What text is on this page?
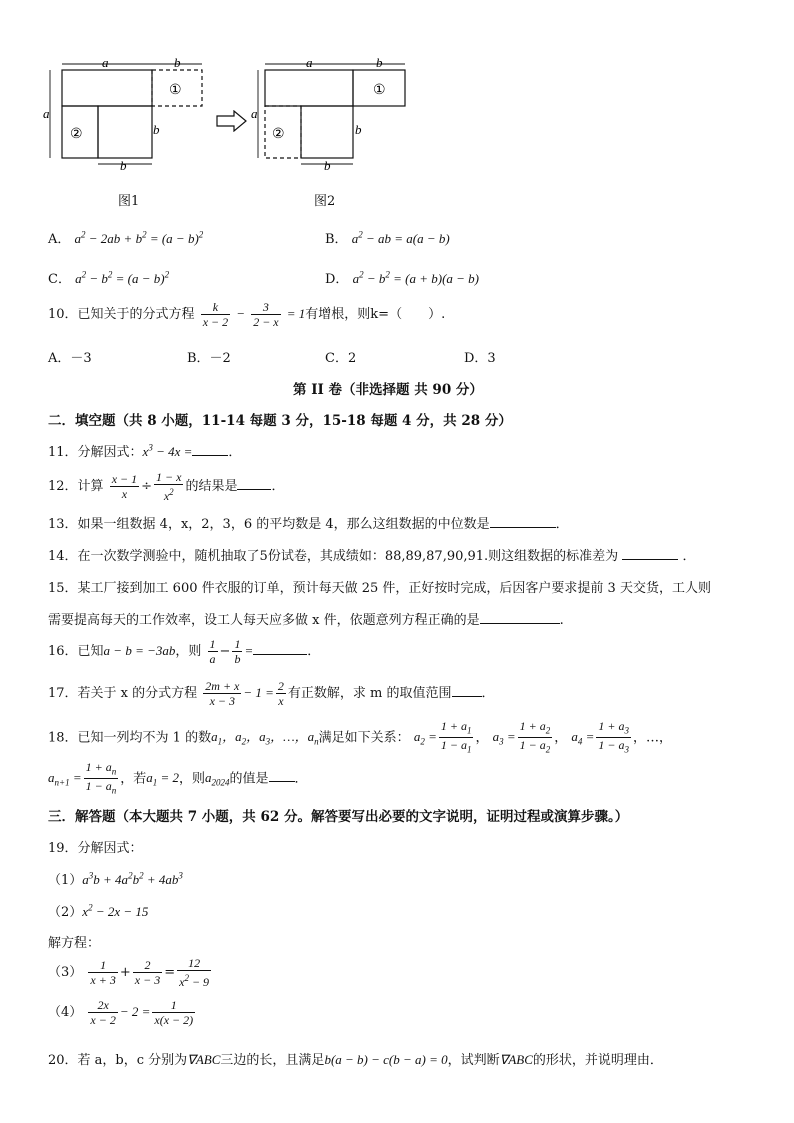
a	b
a
b
b
①
②
图1
a	b
a
b
b
①
②
图2
A． $a^2 - 2ab + b^2 = (a - b)^2$	B． $a^2$ − ab = a(a − b)
C． $a^2 - b^2 = (a - b)^2$	D． $a^2 - b^2 = (a + b)(a - b)$
10．已知关于的分式方程 $\frac{k}{x - 2} - \frac{3}{2 - x} = 1$有增根，则k=（　　）.
A．－3	B．－2	C．2	D．3
第 II 卷（非选择题 共 90 分）
二．填空题（共 8 小题，11-14 每题 3 分，15-18 每题 4 分，共 28 分）
11．分解因式：$x^3 - 4x$ =	．
12．计算 $\frac{x - 1}{x} \div \frac{1 - x}{x^2}$ 的结果是	．
13．如果一组数据 4，x，2，3，6 的平均数是 4，那么这组数据的中位数是	．
14．在一次数学测验中，随机抽取了5份试卷，其成绩如：88,89,87,90,91.则这组数据的标准差为	．
15．某工厂接到加工 600 件衣服的订单，预计每天做 25 件，正好按时完成，后因客户要求提前 3 天交货，工人则
需要提高每天的工作效率，设工人每天应多做 x 件，依题意列方程正确的是	.
16．已知a − b = −3ab，则 $\frac{1}{a} - \frac{1}{b}$ =	．
17．若关于 x 的分式方程 $\frac{2m + x}{x - 3} - 1 = \frac{2}{x}$ 有正数解，求 m 的取值范围 ．
18．已知一列均不为 1 的数$a_1$，$a_2$，$a_3$，…，$a_n$满足如下关系： $a_2 = \frac{1 + a_1}{1 - a_1}$ ， $a_3 = \frac{1 + a_2}{1 - a_2}$ ， $a_4 = \frac{1 + a_3}{1 - a_3}$ ，…，
$a_{n+1} = \frac{1 + a_n}{1 - a_n}$ ，若$a_1 = 2$，则$a_{2024}$的值是 ．
三．解答题（本大题共 7 小题，共 62 分。解答要写出必要的文字说明，证明过程或演算步骤。）
19．分解因式：
$(1)a^3b + 4a^2b^2 + 4ab^3$
$(2)x^2 - 2x - 15$
解方程：
$(3) \frac{1}{x + 3} + \frac{2}{x - 3} = \frac{12}{x^2 - 9}$
$(4) \frac{2x}{x - 2} - 2 = \frac{1}{x(x - 2)}$
20．若 a，b，c 分别为∇ABC三边的长，且满足b(a − b) − c(b − a) = 0，试判断∇ABC的形状，并说明理由．
